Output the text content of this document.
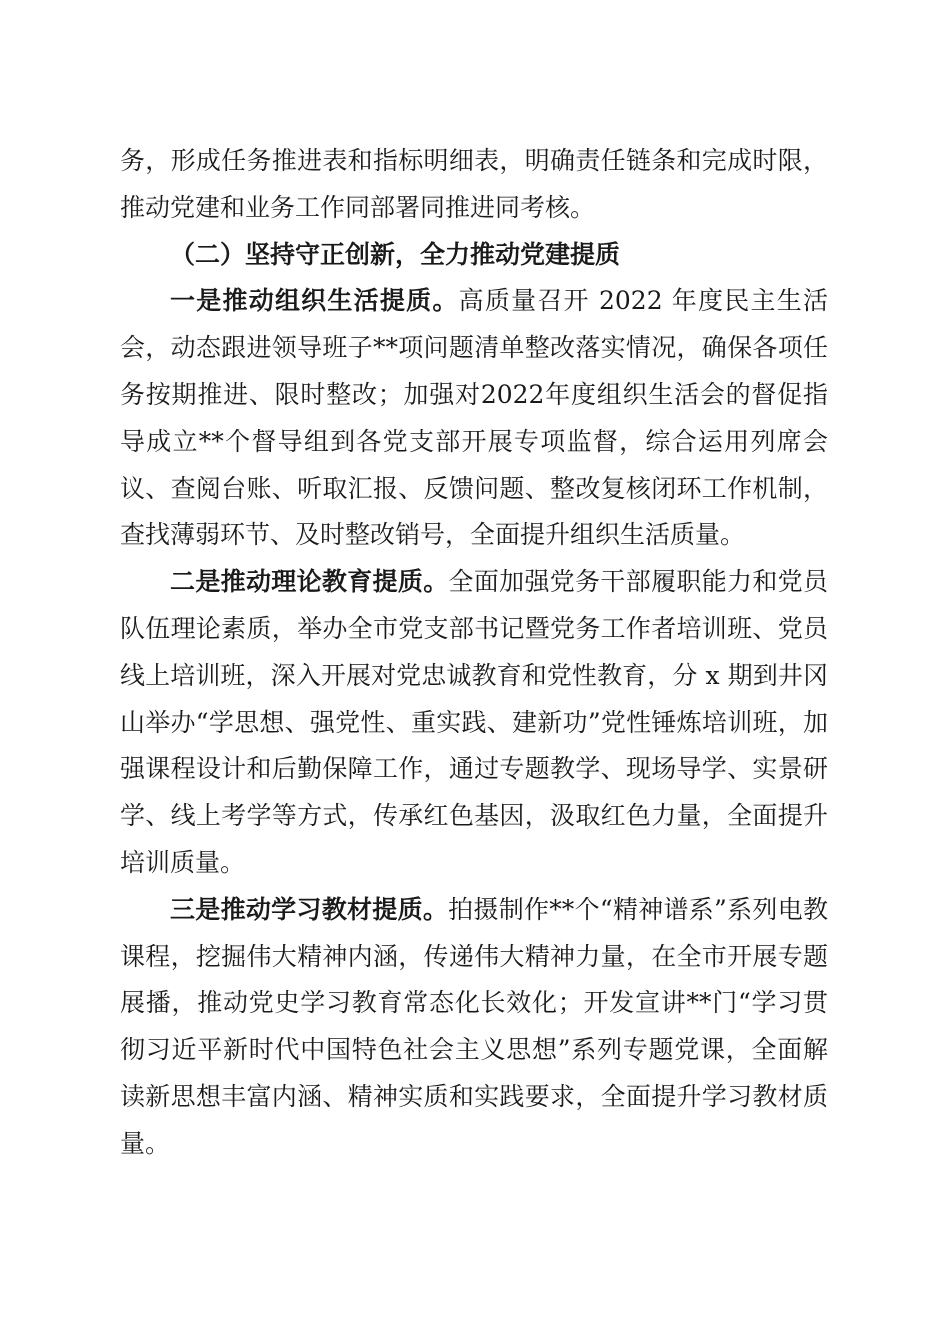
务，形成任务推进表和指标明细表，明确责任链条和完成时限，推动党建和业务工作同部署同推进同考核。

（二）坚持守正创新，全力推动党建提质

一是推动组织生活提质。高质量召开 2022 年度民主生活会，动态跟进领导班子**项问题清单整改落实情况，确保各项任务按期推进、限时整改；加强对2022年度组织生活会的督促指导成立**个督导组到各党支部开展专项监督，综合运用列席会议、查阅台账、听取汇报、反馈问题、整改复核闭环工作机制，查找薄弱环节、及时整改销号，全面提升组织生活质量。

二是推动理论教育提质。全面加强党务干部履职能力和党员队伍理论素质，举办全市党支部书记暨党务工作者培训班、党员线上培训班，深入开展对党忠诚教育和党性教育，分 x 期到井冈山举办“学思想、强党性、重实践、建新功”党性锤炼培训班，加强课程设计和后勤保障工作，通过专题教学、现场导学、实景研学、线上考学等方式，传承红色基因，汲取红色力量，全面提升培训质量。

三是推动学习教材提质。拍摄制作**个“精神谱系”系列电教课程，挖掘伟大精神内涵，传递伟大精神力量，在全市开展专题展播，推动党史学习教育常态化长效化；开发宣讲**门“学习贯彻习近平新时代中国特色社会主义思想”系列专题党课，全面解读新思想丰富内涵、精神实质和实践要求，全面提升学习教材质量。
